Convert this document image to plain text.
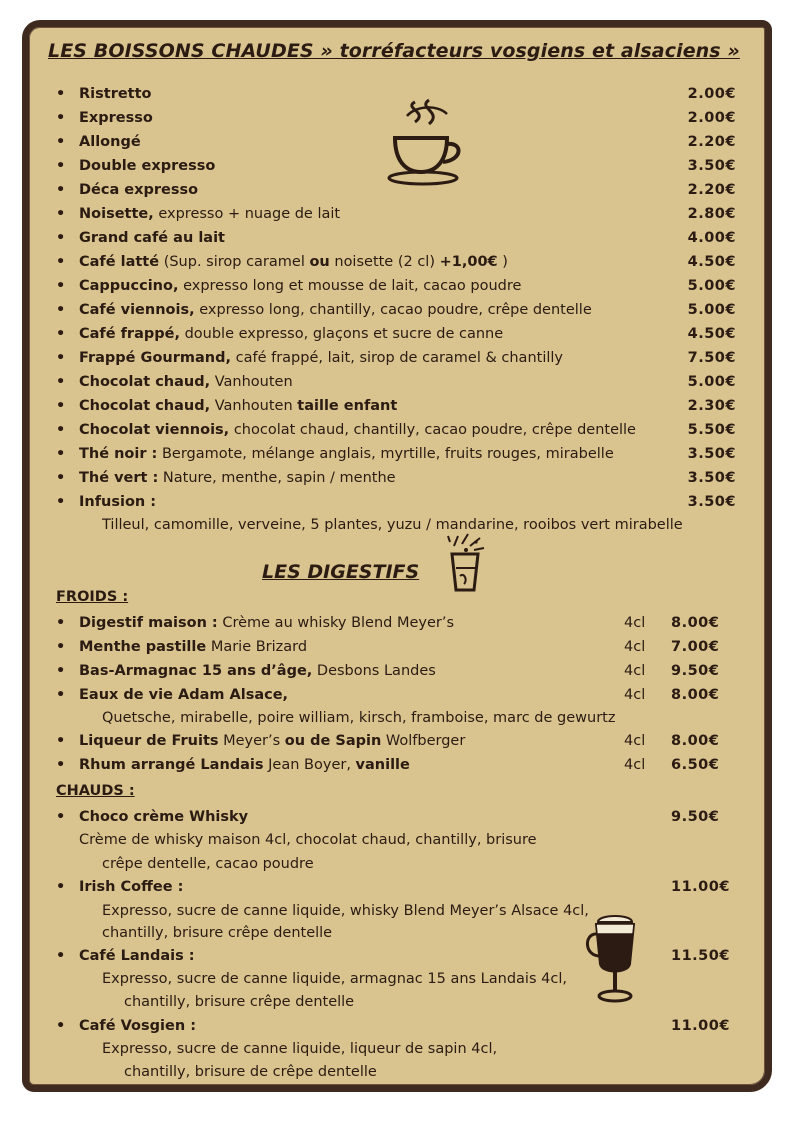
LES BOISSONS CHAUDES » torréfacteurs vosgiens et alsaciens »
• Ristretto	2.00€
• Expresso	2.00€
• Allongé	2.20€
• Double expresso	3.50€
• Déca expresso	2.20€
• Noisette, expresso + nuage de lait	2.80€
• Grand café au lait	4.00€
• Café latté (Sup. sirop caramel ou noisette (2 cl) +1,00€ )	4.50€
• Cappuccino, expresso long et mousse de lait, cacao poudre	5.00€
• Café viennois, expresso long, chantilly, cacao poudre, crêpe dentelle	5.00€
• Café frappé, double expresso, glaçons et sucre de canne	4.50€
• Frappé Gourmand, café frappé, lait, sirop de caramel & chantilly	7.50€
• Chocolat chaud, Vanhouten	5.00€
• Chocolat chaud, Vanhouten taille enfant	2.30€
• Chocolat viennois, chocolat chaud, chantilly, cacao poudre, crêpe dentelle	5.50€
• Thé noir : Bergamote, mélange anglais, myrtille, fruits rouges, mirabelle	3.50€
• Thé vert : Nature, menthe, sapin / menthe	3.50€
• Infusion :	3.50€
Tilleul, camomille, verveine, 5 plantes, yuzu / mandarine, rooibos vert mirabelle
LES DIGESTIFS
FROIDS :
• Digestif maison : Crème au whisky Blend Meyer’s	4cl 8.00€
• Menthe pastille Marie Brizard	4cl 7.00€
• Bas-Armagnac 15 ans d’âge, Desbons Landes	4cl 9.50€
• Eaux de vie Adam Alsace,	4cl 8.00€
Quetsche, mirabelle, poire william, kirsch, framboise, marc de gewurtz
• Liqueur de Fruits Meyer’s ou de Sapin Wolfberger	4cl 8.00€
• Rhum arrangé Landais Jean Boyer, vanille	4cl 6.50€
CHAUDS :
• Choco crème Whisky	9.50€
Crème de whisky maison 4cl, chocolat chaud, chantilly, brisure
crêpe dentelle, cacao poudre
• Irish Coffee :	11.00€
Expresso, sucre de canne liquide, whisky Blend Meyer’s Alsace 4cl,
chantilly, brisure crêpe dentelle
• Café Landais :	11.50€
Expresso, sucre de canne liquide, armagnac 15 ans Landais 4cl,
chantilly, brisure crêpe dentelle
• Café Vosgien :	11.00€
Expresso, sucre de canne liquide, liqueur de sapin 4cl,
chantilly, brisure de crêpe dentelle
